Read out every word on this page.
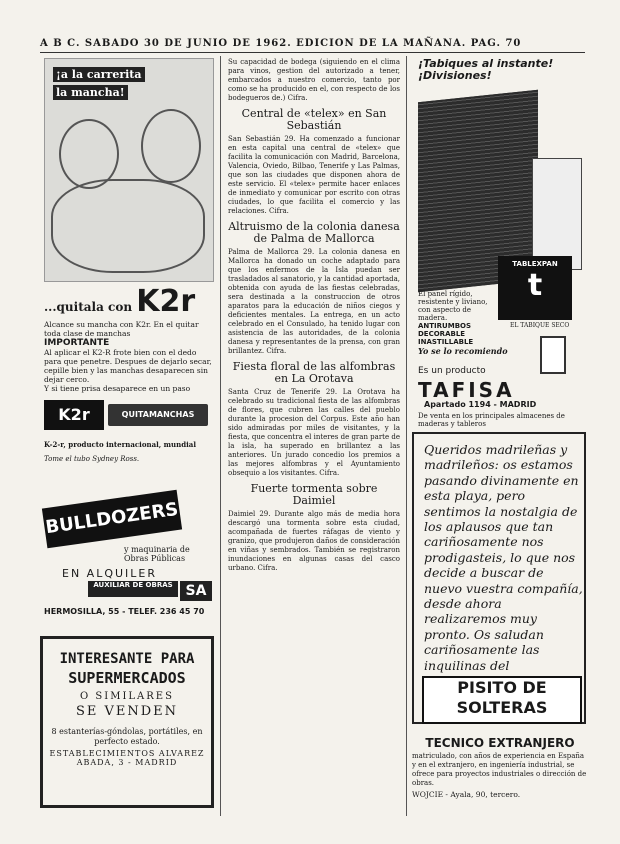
A B C. SABADO 30 DE JUNIO DE 1962. EDICION DE LA MAÑANA. PAG. 70
¡a la carrerita
la mancha!
...quitala con K2r
Alcance su mancha con K2r. En el quitar toda clase de manchas
IMPORTANTE
Al aplicar el K2-R frote bien con el dedo para que penetre. Despues de dejarlo secar, cepille bien y las manchas desaparecen sin dejar cerco.
Y si tiene prisa desaparece en un paso
K2r	QUITAMANCHAS
K-2-r, producto internacional, mundial
Tome el tubo Sydney Ross.
BULLDOZERS
y maquinaria de Obras Públicas
EN ALQUILER
AUXILIAR DE OBRAS SA
HERMOSILLA, 55 - TELEF. 236 45 70
INTERESANTE PARA
SUPERMERCADOS
O SIMILARES
SE VENDEN
8 estanterías-góndolas, portátiles, en perfecto estado.
ESTABLECIMIENTOS ALVAREZ
ABADA, 3 - MADRID

Su capacidad de bodega (siguiendo en el clima para vinos, gestion del autorizado a tener, embarcados a nuestro comercio, tanto por como se ha producido en el, con respecto de los bodegueros de.) Cifra.

Central de «telex» en San Sebastián

San Sebastián 29. Ha comenzado a funcionar en esta capital una central de «telex» que facilita la comunicación con Madrid, Barcelona, Valencia, Oviedo, Bilbao, Tenerife y Las Palmas, que son las ciudades que disponen ahora de este servicio. El «telex» permite hacer enlaces de inmediato y comunicar por escrito con otras ciudades, lo que facilita el comercio y las relaciones. Cifra.

Altruismo de la colonia danesa de Palma de Mallorca

Palma de Mallorca 29. La colonia danesa en Mallorca ha donado un coche adaptado para que los enfermos de la Isla puedan ser trasladados al sanatorio, y la cantidad aportada, obtenida con ayuda de las fiestas celebradas, sera destinada a la construccion de otros aparatos para la educación de niños ciegos y deficientes mentales. La entrega, en un acto celebrado en el Consulado, ha tenido lugar con asistencia de las autoridades, de la colonia danesa y representantes de la prensa, con gran brillantez. Cifra.

Fiesta floral de las alfombras en La Orotava

Santa Cruz de Tenerife 29. La Orotava ha celebrado su tradicional fiesta de las alfombras de flores, que cubren las calles del pueblo durante la procesion del Corpus. Este año han sido admiradas por miles de visitantes, y la fiesta, que concentra el interes de gran parte de la isla, ha superado en brillantez a las anteriores. Un jurado concedio los premios a las mejores alfombras y el Ayuntamiento obsequio a los visitantes. Cifra.

Fuerte tormenta sobre Daimiel

Daimiel 29. Durante algo más de media hora descargó una tormenta sobre esta ciudad, acompañada de fuertes ráfagas de viento y granizo, que produjeron daños de consideración en viñas y sembrados. También se registraron inundaciones en algunas casas del casco urbano. Cifra.

¡Tabiques al instante!
¡Divisiones!
El panel rígido, resistente y liviano, con aspecto de madera.
ANTIRUMBOS DECORABLE INASTILLABLE
TABLEXPAN
t
EL TABIQUE SECO
Yo se lo recomiendo
Es un producto
TAFISA
Apartado 1194 - MADRID
De venta en los principales almacenes de maderas y tableros
Queridos madrileñas y madrileños: os estamos pasando divinamente en esta playa, pero sentimos la nostalgia de los aplausos que tan cariñosamente nos prodigasteis, lo que nos decide a buscar de nuevo vuestra compañía, desde ahora realizaremos muy pronto. Os saludan cariñosamente las inquilinas del
PISITO DE
SOLTERAS
TECNICO EXTRANJERO
matriculado, con años de experiencia en España y en el extranjero, en ingeniería industrial, se ofrece para proyectos industriales o dirección de obras.
WOJCIE - Ayala, 90, tercero.
